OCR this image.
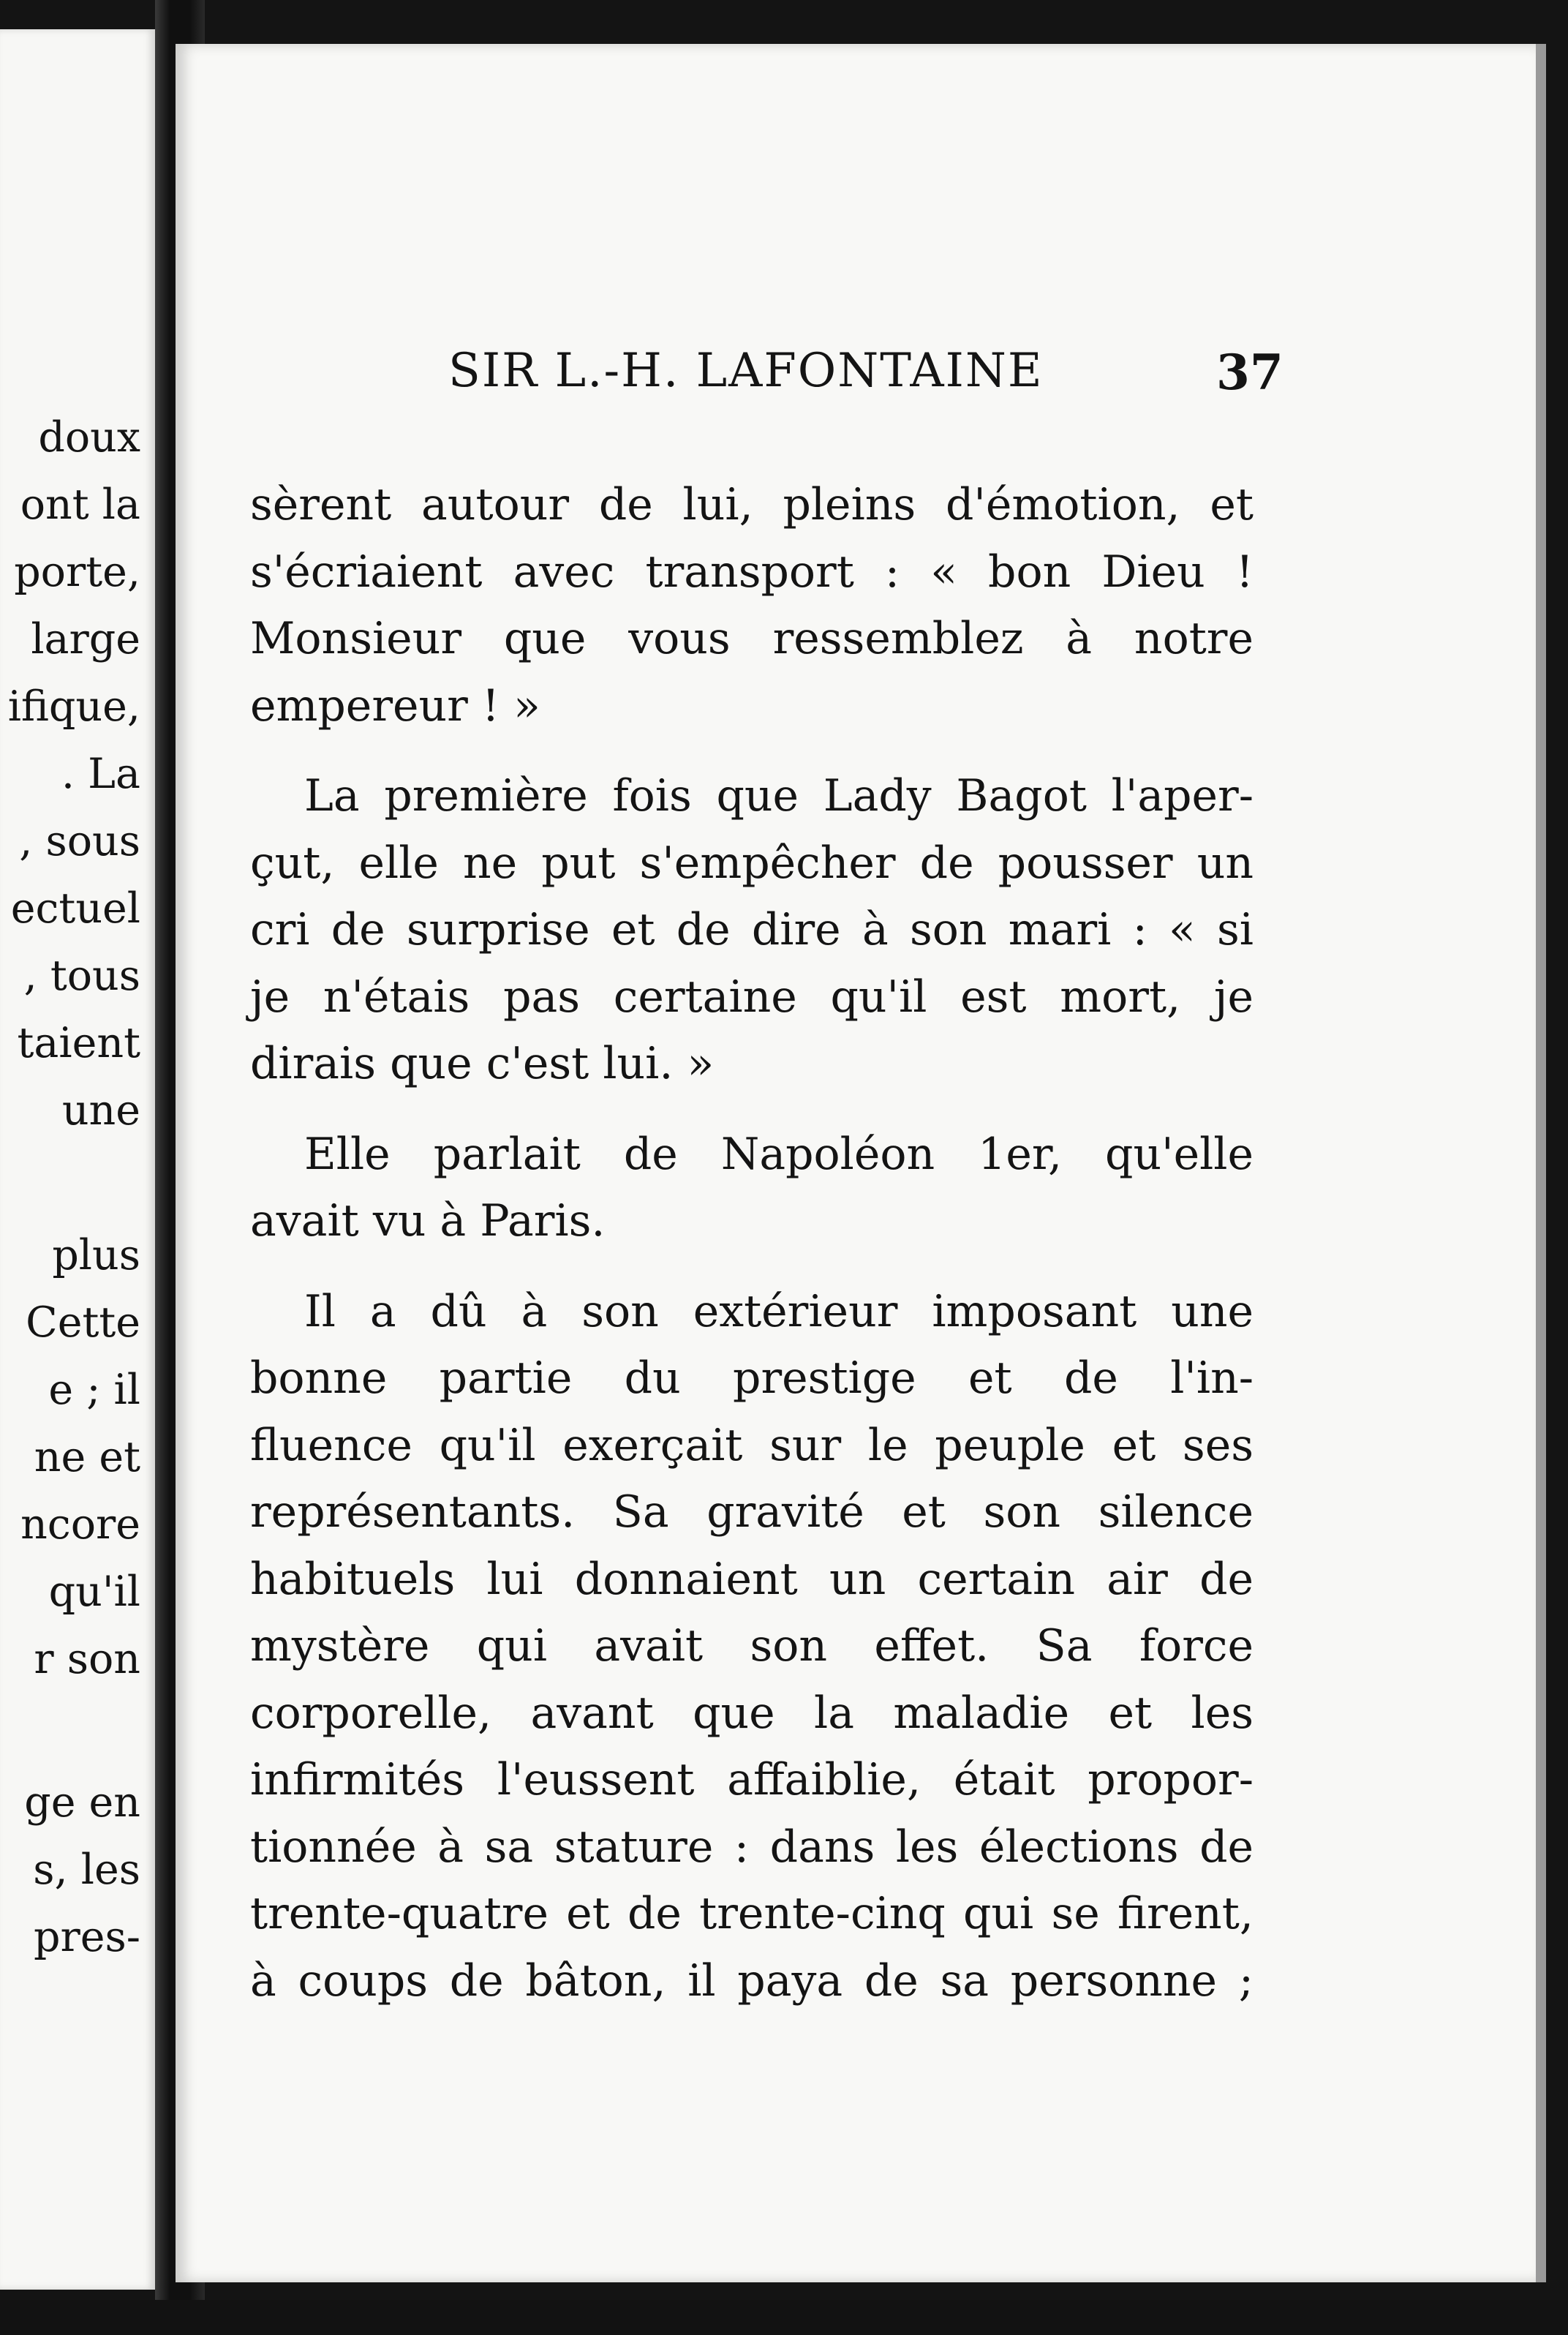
doux
ont la
porte,
large
ifique,
. La
, sous
ectuel
, tous
taient
une
plus
Cette
e ; il
ne et
ncore
qu'il
r son
ge en
s, les
pres-
SIR L.-H. LAFONTAINE	37
sèrent autour de lui, pleins d'émotion, et
s'écriaient avec transport : « bon Dieu !
Monsieur que vous ressemblez à notre
empereur ! »
La première fois que Lady Bagot l'aper-
çut, elle ne put s'empêcher de pousser un
cri de surprise et de dire à son mari : « si
je n'étais pas certaine qu'il est mort, je
dirais que c'est lui. »
Elle parlait de Napoléon 1er, qu'elle
avait vu à Paris.
Il a dû à son extérieur imposant une
bonne partie du prestige et de l'in-
fluence qu'il exerçait sur le peuple et ses
représentants. Sa gravité et son silence
habituels lui donnaient un certain air de
mystère qui avait son effet. Sa force
corporelle, avant que la maladie et les
infirmités l'eussent affaiblie, était propor-
tionnée à sa stature : dans les élections de
trente-quatre et de trente-cinq qui se firent,
à coups de bâton, il paya de sa personne ;
